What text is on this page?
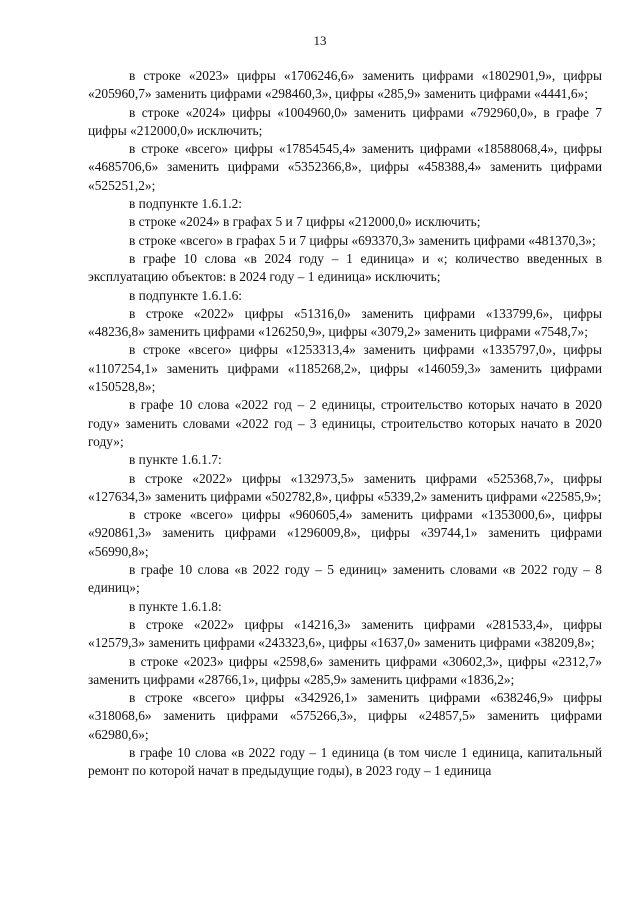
13

в строке «2023» цифры «1706246,6» заменить цифрами «1802901,9», цифры «205960,7» заменить цифрами «298460,3», цифры «285,9» заменить цифрами «4441,6»;

в строке «2024» цифры «1004960,0» заменить цифрами «792960,0», в графе 7 цифры «212000,0» исключить;

в строке «всего» цифры «17854545,4» заменить цифрами «18588068,4», цифры «4685706,6» заменить цифрами «5352366,8», цифры «458388,4» заменить цифрами «525251,2»;

в подпункте 1.6.1.2:

в строке «2024» в графах 5 и 7 цифры «212000,0» исключить;

в строке «всего» в графах 5 и 7 цифры «693370,3» заменить цифрами «481370,3»;

в графе 10 слова «в 2024 году – 1 единица» и «; количество введенных в эксплуатацию объектов: в 2024 году – 1 единица» исключить;

в подпункте 1.6.1.6:

в строке «2022» цифры «51316,0» заменить цифрами «133799,6», цифры «48236,8» заменить цифрами «126250,9», цифры «3079,2» заменить цифрами «7548,7»;

в строке «всего» цифры «1253313,4» заменить цифрами «1335797,0», цифры «1107254,1» заменить цифрами «1185268,2», цифры «146059,3» заменить цифрами «150528,8»;

в графе 10 слова «2022 год – 2 единицы, строительство которых начато в 2020 году» заменить словами «2022 год – 3 единицы, строительство которых начато в 2020 году»;

в пункте 1.6.1.7:

в строке «2022» цифры «132973,5» заменить цифрами «525368,7», цифры «127634,3» заменить цифрами «502782,8», цифры «5339,2» заменить цифрами «22585,9»;

в строке «всего» цифры «960605,4» заменить цифрами «1353000,6», цифры «920861,3» заменить цифрами «1296009,8», цифры «39744,1» заменить цифрами «56990,8»;

в графе 10 слова «в 2022 году – 5 единиц» заменить словами «в 2022 году – 8 единиц»;

в пункте 1.6.1.8:

в строке «2022» цифры «14216,3» заменить цифрами «281533,4», цифры «12579,3» заменить цифрами «243323,6», цифры «1637,0» заменить цифрами «38209,8»;

в строке «2023» цифры «2598,6» заменить цифрами «30602,3», цифры «2312,7» заменить цифрами «28766,1», цифры «285,9» заменить цифрами «1836,2»;

в строке «всего» цифры «342926,1» заменить цифрами «638246,9» цифры «318068,6» заменить цифрами «575266,3», цифры «24857,5» заменить цифрами «62980,6»;

в графе 10 слова «в 2022 году – 1 единица (в том числе 1 единица, капитальный ремонт по которой начат в предыдущие годы), в 2023 году – 1 единица
